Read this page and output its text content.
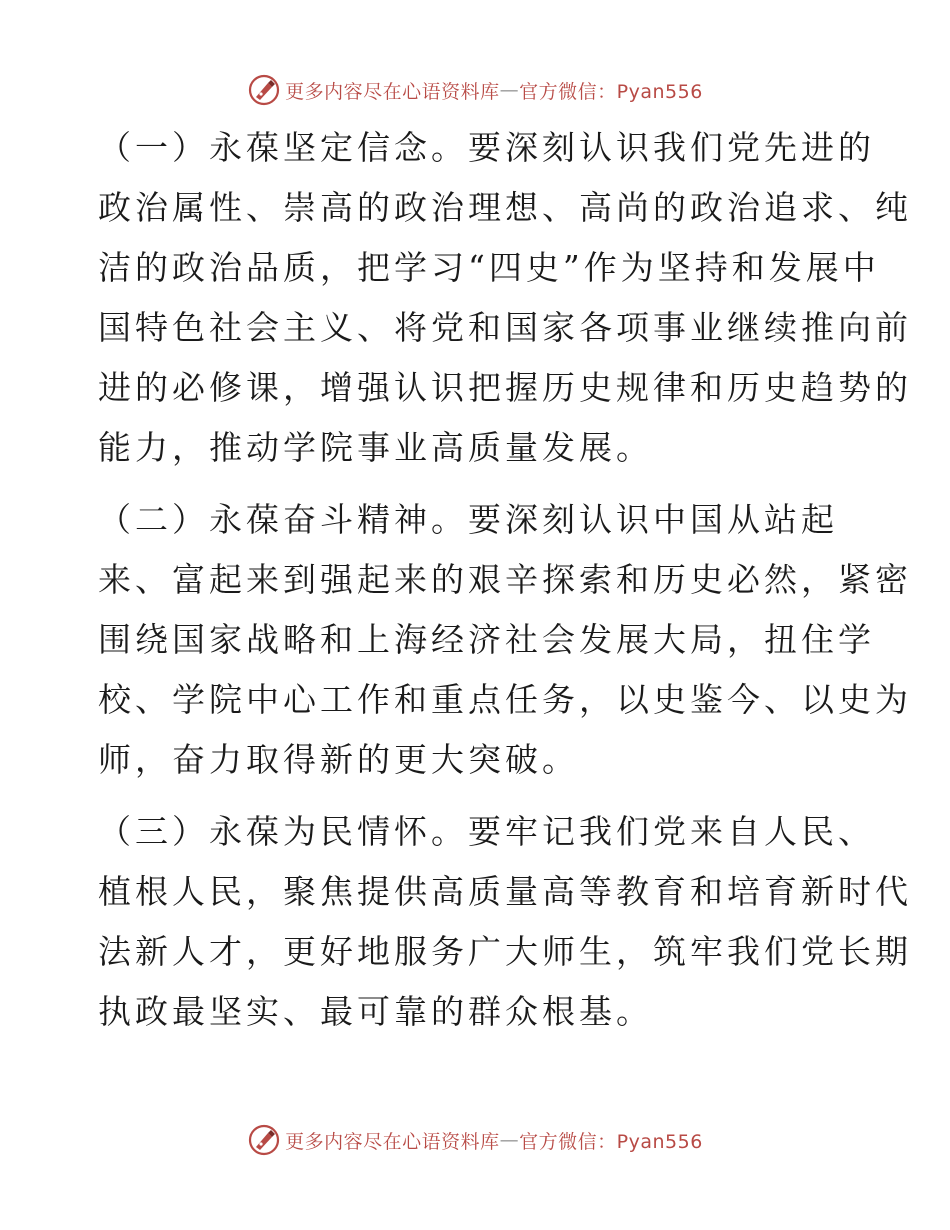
更多内容尽在心语资料库 — 官方微信：Pyan556

（一）永葆坚定信念。要深刻认识我们党先进的
政治属性、崇高的政治理想、高尚的政治追求、纯
洁的政治品质，把学习“四史”作为坚持和发展中
国特色社会主义、将党和国家各项事业继续推向前
进的必修课，增强认识把握历史规律和历史趋势的
能力，推动学院事业高质量发展。

（二）永葆奋斗精神。要深刻认识中国从站起
来、富起来到强起来的艰辛探索和历史必然，紧密
围绕国家战略和上海经济社会发展大局，扭住学
校、学院中心工作和重点任务，以史鉴今、以史为
师，奋力取得新的更大突破。

（三）永葆为民情怀。要牢记我们党来自人民、
植根人民，聚焦提供高质量高等教育和培育新时代
法新人才，更好地服务广大师生，筑牢我们党长期
执政最坚实、最可靠的群众根基。

更多内容尽在心语资料库 — 官方微信：Pyan556
